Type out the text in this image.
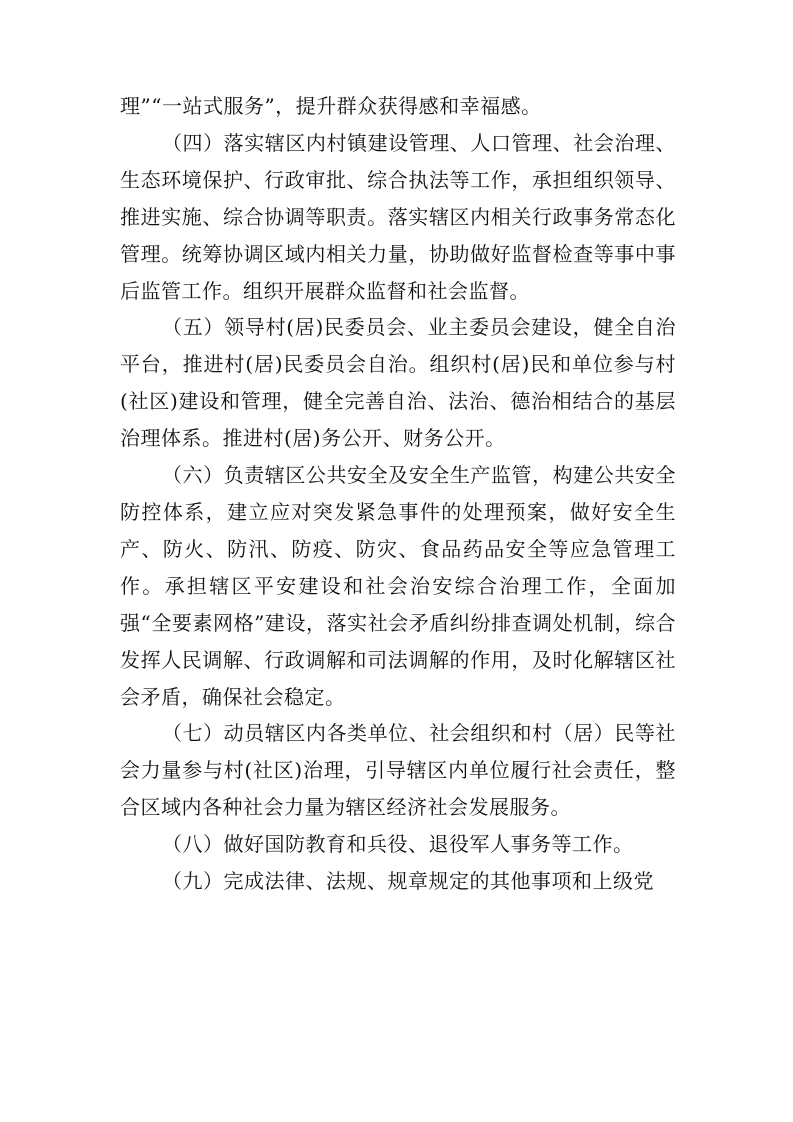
理”“一站式服务”，提升群众获得感和幸福感。

（四）落实辖区内村镇建设管理、人口管理、社会治理、生态环境保护、行政审批、综合执法等工作，承担组织领导、推进实施、综合协调等职责。落实辖区内相关行政事务常态化管理。统筹协调区域内相关力量，协助做好监督检查等事中事后监管工作。组织开展群众监督和社会监督。

（五）领导村(居)民委员会、业主委员会建设，健全自治平台，推进村(居)民委员会自治。组织村(居)民和单位参与村(社区)建设和管理，健全完善自治、法治、德治相结合的基层治理体系。推进村(居)务公开、财务公开。

（六）负责辖区公共安全及安全生产监管，构建公共安全防控体系，建立应对突发紧急事件的处理预案，做好安全生产、防火、防汛、防疫、防灾、食品药品安全等应急管理工作。承担辖区平安建设和社会治安综合治理工作，全面加强“全要素网格”建设，落实社会矛盾纠纷排查调处机制，综合发挥人民调解、行政调解和司法调解的作用，及时化解辖区社会矛盾，确保社会稳定。

（七）动员辖区内各类单位、社会组织和村（居）民等社会力量参与村(社区)治理，引导辖区内单位履行社会责任，整合区域内各种社会力量为辖区经济社会发展服务。

（八）做好国防教育和兵役、退役军人事务等工作。

（九）完成法律、法规、规章规定的其他事项和上级党
